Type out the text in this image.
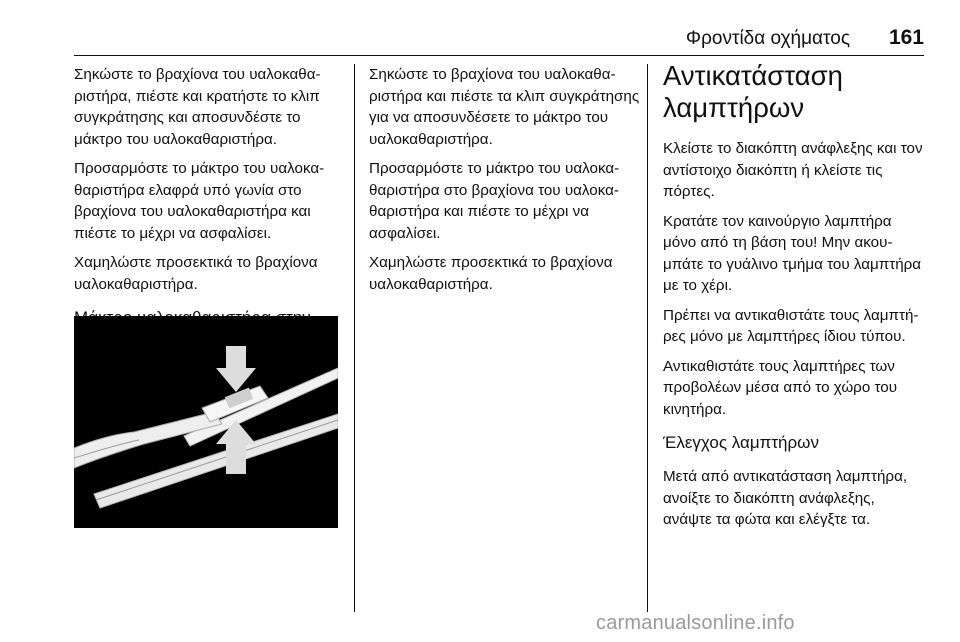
Φροντίδα οχήματος 161

Σηκώστε το βραχίονα του υαλοκαθαριστήρα, πιέστε και κρατήστε το κλιπ συγκράτησης και αποσυνδέστε το μάκτρο του υαλοκαθαριστήρα.

Προσαρμόστε το μάκτρο του υαλοκαθαριστήρα ελαφρά υπό γωνία στο βραχίονα του υαλοκαθαριστήρα και πιέστε το μέχρι να ασφαλίσει.

Χαμηλώστε προσεκτικά το βραχίονα υαλοκαθαριστήρα.

Σηκώστε το βραχίονα του υαλοκαθαριστήρα και πιέστε τα κλιπ συγκράτησης για να αποσυνδέσετε το μάκτρο του υαλοκαθαριστήρα.

Προσαρμόστε το μάκτρο του υαλοκαθαριστήρα στο βραχίονα του υαλοκαθαριστήρα και πιέστε το μέχρι να ασφαλίσει.

Χαμηλώστε προσεκτικά το βραχίονα υαλοκαθαριστήρα.

Αντικατάσταση λαμπτήρων

Κλείστε το διακόπτη ανάφλεξης και τον αντίστοιχο διακόπτη ή κλείστε τις πόρτες.

Κρατάτε τον καινούργιο λαμπτήρα μόνο από τη βάση του! Μην ακουμπάτε το γυάλινο τμήμα του λαμπτήρα με το χέρι.

Πρέπει να αντικαθιστάτε τους λαμπτήρες μόνο με λαμπτήρες ίδιου τύπου.

Αντικαθιστάτε τους λαμπτήρες των προβολέων μέσα από το χώρο του κινητήρα.

Έλεγχος λαμπτήρων

Μετά από αντικατάσταση λαμπτήρα, ανοίξτε το διακόπτη ανάφλεξης, ανάψτε τα φώτα και ελέγξτε τα.

carmanualsonline.info
